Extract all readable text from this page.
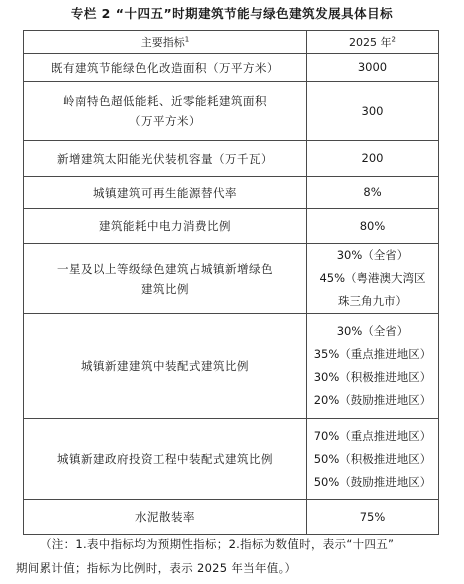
专栏 2 “十四五”时期建筑节能与绿色建筑发展具体目标
主要指标$^1$	2025 年$^2$

既有建筑节能绿色化改造面积（万平方米）	3000

岭南特色超低能耗、近零能耗建筑面积
（万平方米）	300

新增建筑太阳能光伏装机容量（万千瓦）	200

城镇建筑可再生能源替代率	8%

建筑能耗中电力消费比例	80%

一星及以上等级绿色建筑占城镇新增绿色
建筑比例	30%（全省）
45%（粤港澳大湾区
珠三角九市）

城镇新建建筑中装配式建筑比例	30%（全省）
35%（重点推进地区）
30%（积极推进地区）
20%（鼓励推进地区）

城镇新建政府投资工程中装配式建筑比例	70%（重点推进地区）
50%（积极推进地区）
50%（鼓励推进地区）

水泥散装率	75%
（注：1.表中指标均为预期性指标；2.指标为数值时，表示“十四五”
期间累计值；指标为比例时，表示 2025 年当年值。）
